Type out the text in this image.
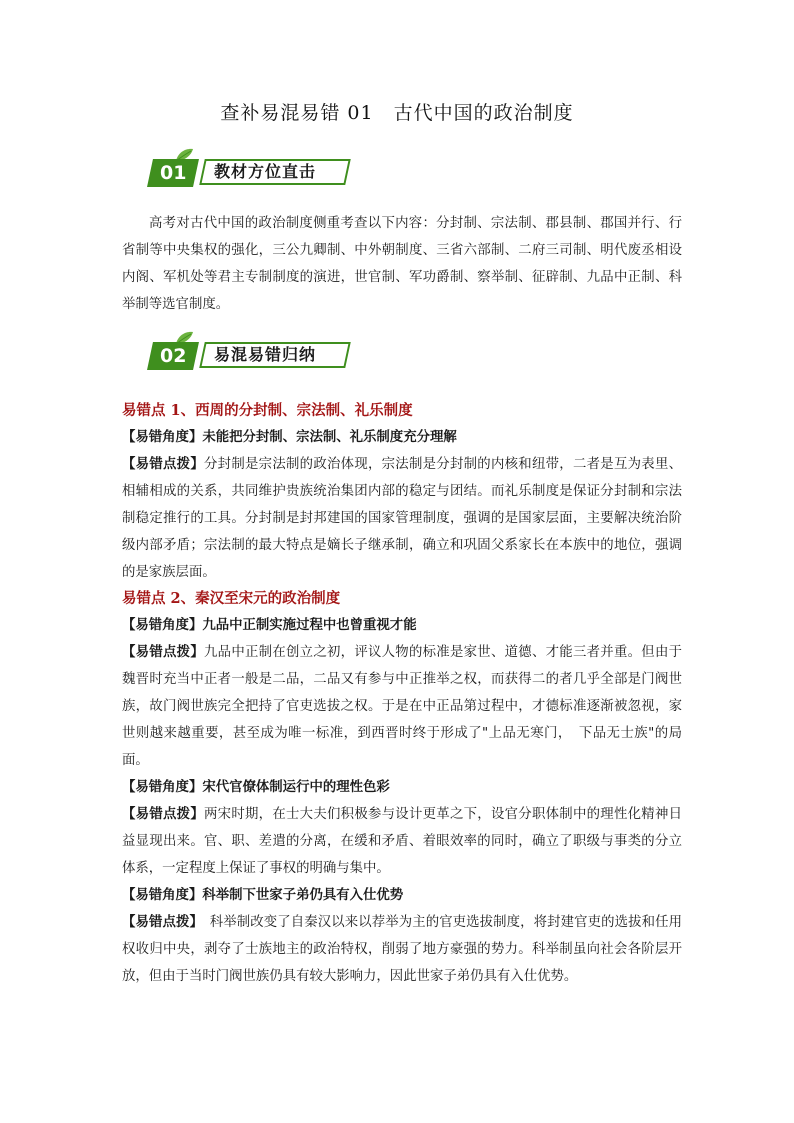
查补易混易错 01　古代中国的政治制度
01	教材方位直击
高考对古代中国的政治制度侧重考查以下内容：分封制、宗法制、郡县制、郡国并行、行省制等中央集权的强化，三公九卿制、中外朝制度、三省六部制、二府三司制、明代废丞相设内阁、军机处等君主专制制度的演进，世官制、军功爵制、察举制、征辟制、九品中正制、科举制等选官制度。
02	易混易错归纳

易错点 1、西周的分封制、宗法制、礼乐制度

【易错角度】未能把分封制、宗法制、礼乐制度充分理解

【易错点拨】分封制是宗法制的政治体现，宗法制是分封制的内核和纽带，二者是互为表里、相辅相成的关系，共同维护贵族统治集团内部的稳定与团结。而礼乐制度是保证分封制和宗法制稳定推行的工具。分封制是封邦建国的国家管理制度，强调的是国家层面，主要解决统治阶级内部矛盾；宗法制的最大特点是嫡长子继承制，确立和巩固父系家长在本族中的地位，强调的是家族层面。

易错点 2、秦汉至宋元的政治制度

【易错角度】九品中正制实施过程中也曾重视才能

【易错点拨】九品中正制在创立之初，评议人物的标准是家世、道德、才能三者并重。但由于魏晋时充当中正者一般是二品，二品又有参与中正推举之权，而获得二的者几乎全部是门阀世族，故门阀世族完全把持了官吏选拔之权。于是在中正品第过程中，才德标准逐渐被忽视，家世则越来越重要，甚至成为唯一标准，到西晋时终于形成了"上品无寒门，　下品无士族"的局面。

【易错角度】宋代官僚体制运行中的理性色彩

【易错点拨】两宋时期，在士大夫们积极参与设计更革之下，设官分职体制中的理性化精神日益显现出来。官、职、差遣的分离，在缓和矛盾、着眼效率的同时，确立了职级与事类的分立体系，一定程度上保证了事权的明确与集中。

【易错角度】科举制下世家子弟仍具有入仕优势

【易错点拨】　科举制改变了自秦汉以来以荐举为主的官吏选拔制度，将封建官吏的选拔和任用权收归中央，剥夺了士族地主的政治特权，削弱了地方豪强的势力。科举制虽向社会各阶层开放，但由于当时门阀世族仍具有较大影响力，因此世家子弟仍具有入仕优势。
